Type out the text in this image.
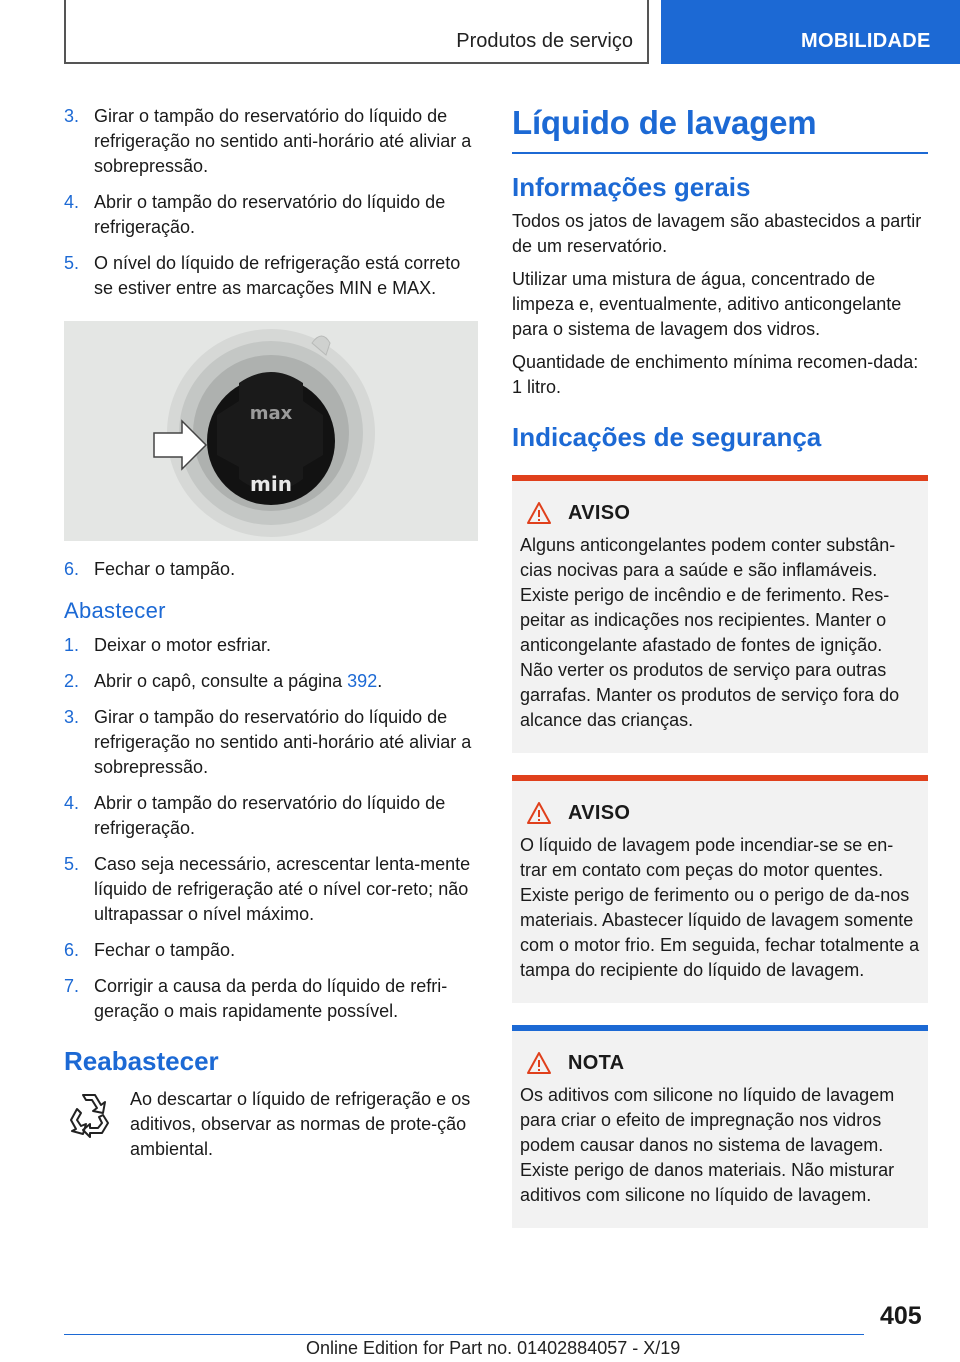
Produtos de serviço	MOBILIDADE
3. Girar o tampão do reservatório do líquido de refrigeração no sentido anti-horário até aliviar a sobrepressão.
4. Abrir o tampão do reservatório do líquido de refrigeração.
5. O nível do líquido de refrigeração está correto se estiver entre as marcações MIN e MAX.
max
min
6. Fechar o tampão.
Abastecer
1. Deixar o motor esfriar.
2. Abrir o capô, consulte a página 392.
3. Girar o tampão do reservatório do líquido de refrigeração no sentido anti-horário até aliviar a sobrepressão.
4. Abrir o tampão do reservatório do líquido de refrigeração.
5. Caso seja necessário, acrescentar lenta-mente líquido de refrigeração até o nível cor-reto; não ultrapassar o nível máximo.
6. Fechar o tampão.
7. Corrigir a causa da perda do líquido de refri-geração o mais rapidamente possível.
Reabastecer
Ao descartar o líquido de refrigeração e os aditivos, observar as normas de prote-ção ambiental.
Líquido de lavagem
Informações gerais

Todos os jatos de lavagem são abastecidos a partir de um reservatório.

Utilizar uma mistura de água, concentrado de limpeza e, eventualmente, aditivo anticongelante para o sistema de lavagem dos vidros.

Quantidade de enchimento mínima recomen-dada: 1 litro.

Indicações de segurança
AVISO

Alguns anticongelantes podem conter substân-cias nocivas para a saúde e são inflamáveis. Existe perigo de incêndio e de ferimento. Res-peitar as indicações nos recipientes. Manter o anticongelante afastado de fontes de ignição. Não verter os produtos de serviço para outras garrafas. Manter os produtos de serviço fora do alcance das crianças.

AVISO

O líquido de lavagem pode incendiar-se se en-trar em contato com peças do motor quentes. Existe perigo de ferimento ou o perigo de da-nos materiais. Abastecer líquido de lavagem somente com o motor frio. Em seguida, fechar totalmente a tampa do recipiente do líquido de lavagem.

NOTA

Os aditivos com silicone no líquido de lavagem para criar o efeito de impregnação nos vidros podem causar danos no sistema de lavagem. Existe perigo de danos materiais. Não misturar aditivos com silicone no líquido de lavagem.

405
Online Edition for Part no. 01402884057 - X/19
